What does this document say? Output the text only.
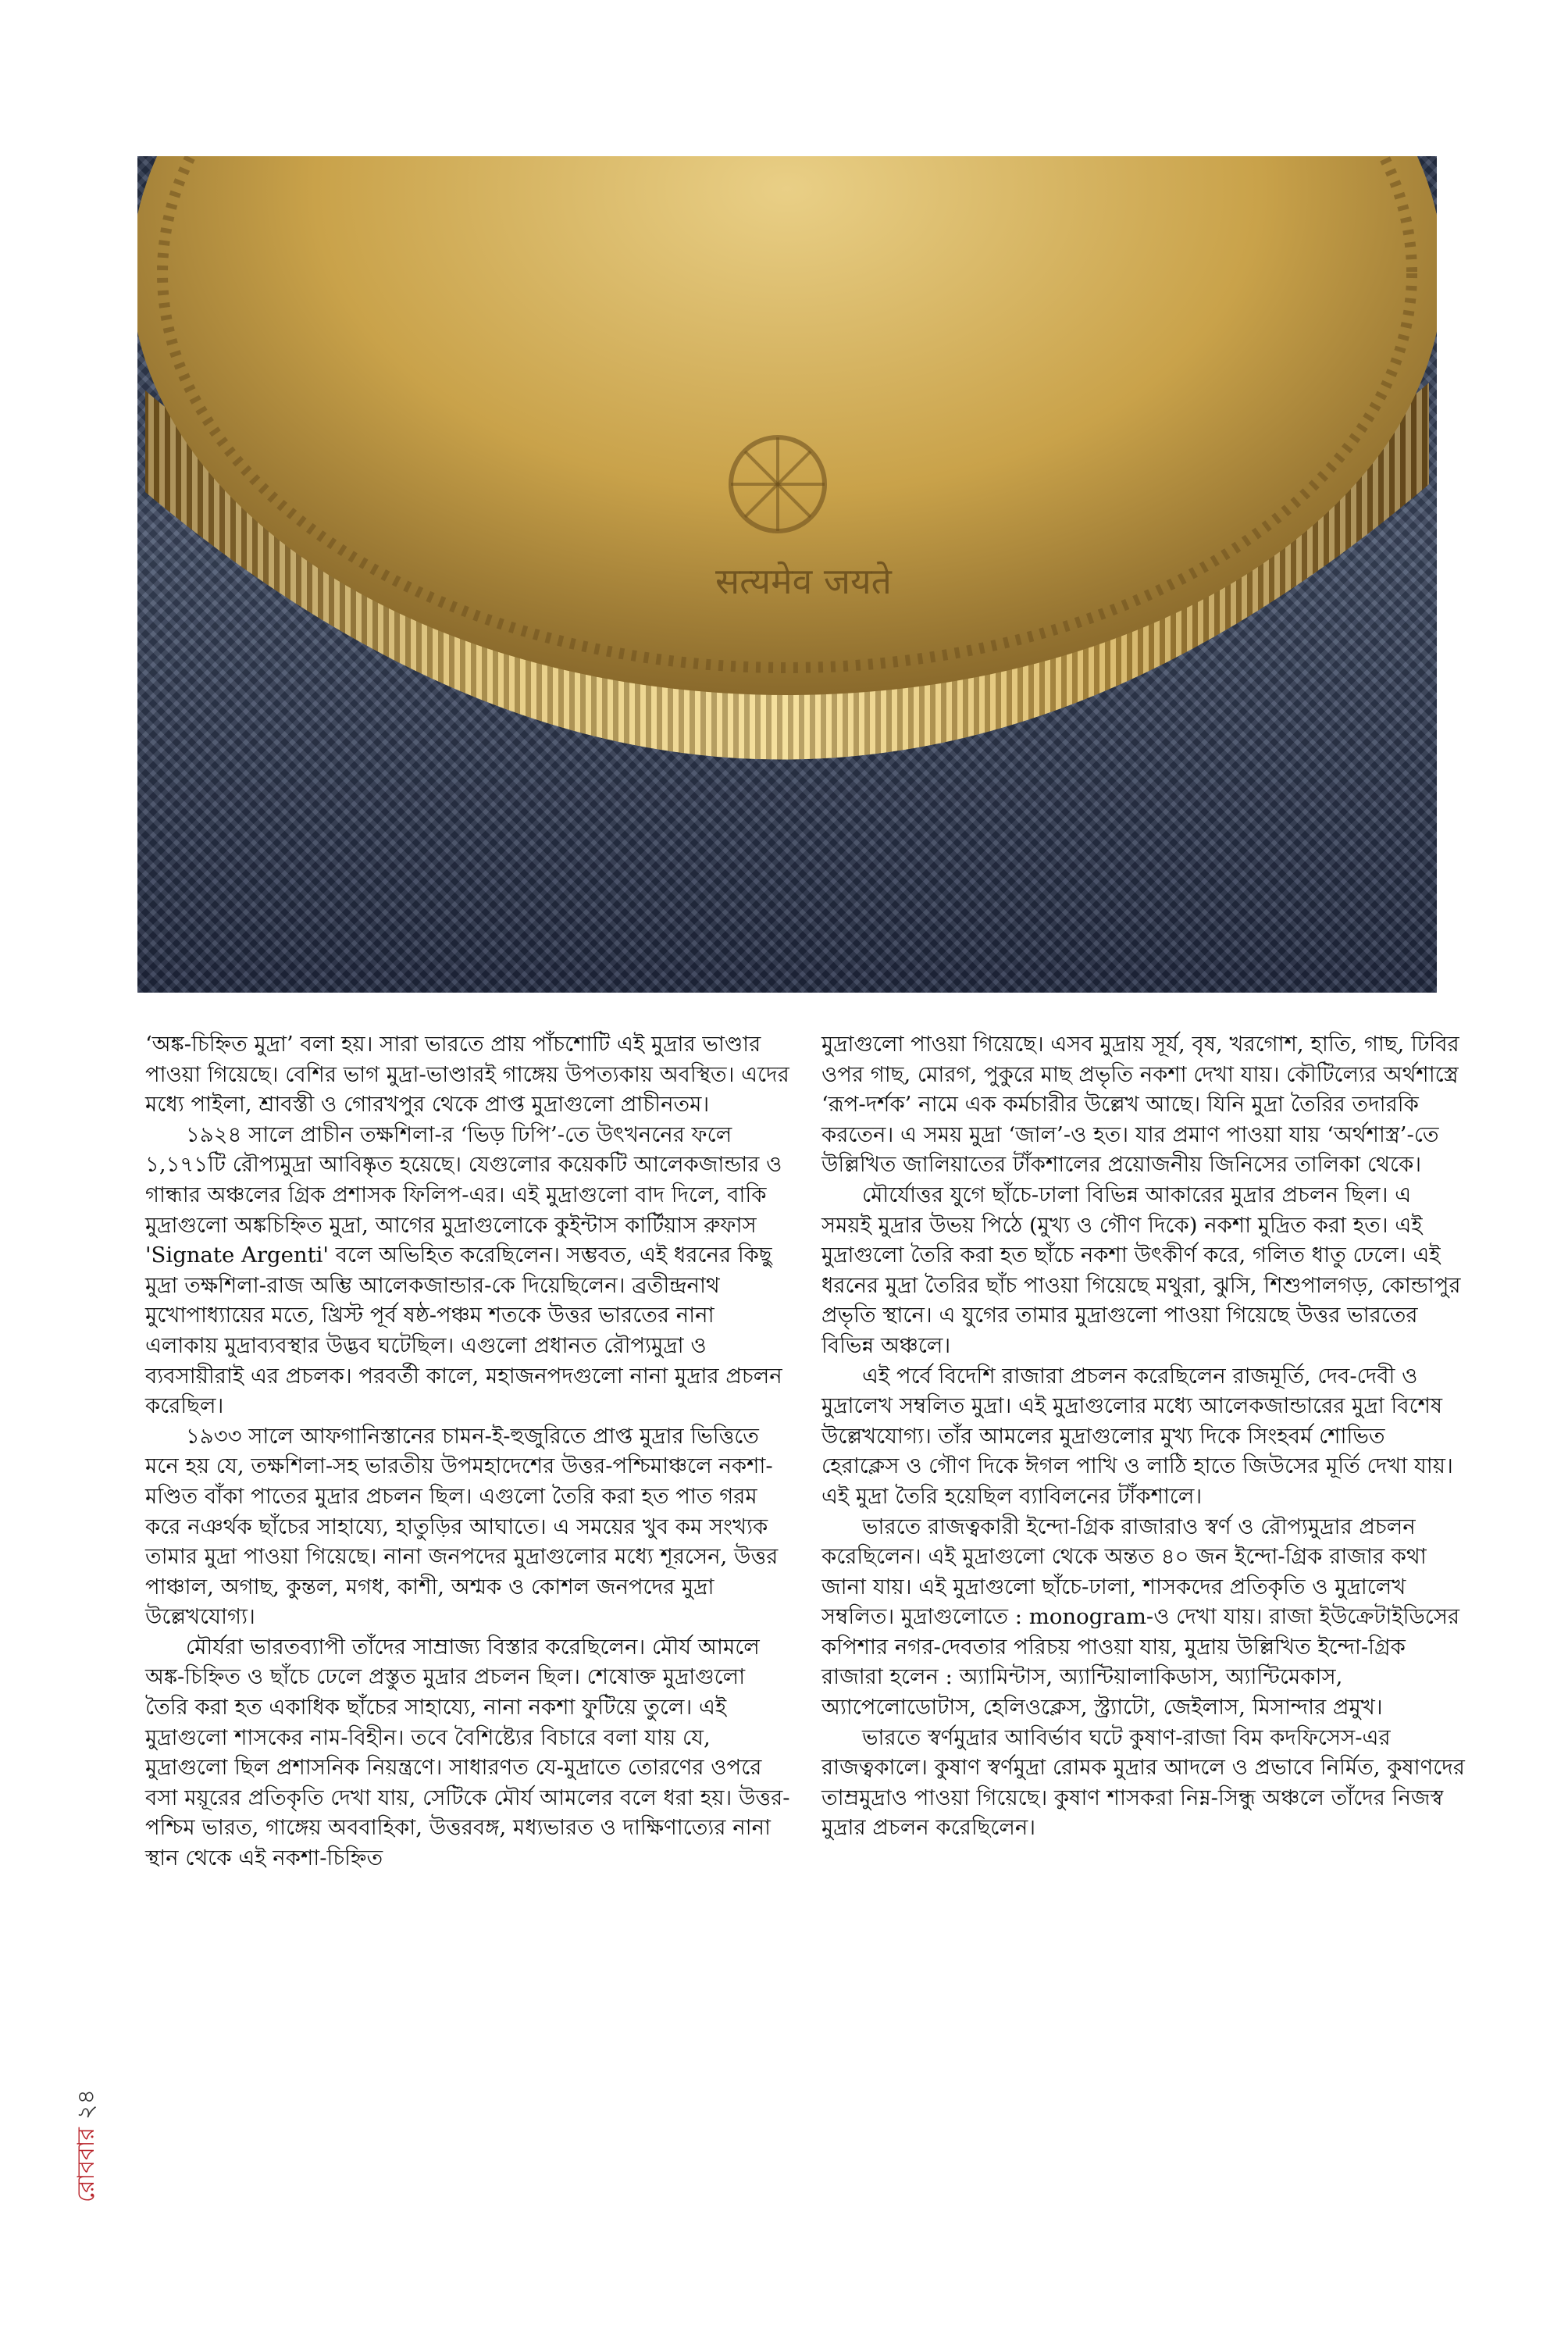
सत्यमेव जयते

‘অঙ্ক-চিহ্নিত মুদ্রা’ বলা হয়। সারা ভারতে প্রায় পাঁচশোটি এই মুদ্রার ভাণ্ডার পাওয়া গিয়েছে। বেশির ভাগ মুদ্রা-ভাণ্ডারই গাঙ্গেয় উপত্যকায় অবস্থিত। এদের মধ্যে পাইলা, শ্রাবস্তী ও গোরখপুর থেকে প্রাপ্ত মুদ্রাগুলো প্রাচীনতম।

১৯২৪ সালে প্রাচীন তক্ষশিলা-র ‘ভিড় ঢিপি’-তে উৎখননের ফলে ১,১৭১টি রৌপ্যমুদ্রা আবিষ্কৃত হয়েছে। যেগুলোর কয়েকটি আলেকজান্ডার ও গান্ধার অঞ্চলের গ্রিক প্রশাসক ফিলিপ-এর। এই মুদ্রাগুলো বাদ দিলে, বাকি মুদ্রাগুলো অঙ্কচিহ্নিত মুদ্রা, আগের মুদ্রাগুলোকে কুইন্টাস কার্টিয়াস রুফাস 'Signate Argenti' বলে অভিহিত করেছিলেন। সম্ভবত, এই ধরনের কিছু মুদ্রা তক্ষশিলা-রাজ অম্ভি আলেকজান্ডার-কে দিয়েছিলেন। ব্রতীন্দ্রনাথ মুখোপাধ্যায়ের মতে, খ্রিস্ট পূর্ব ষষ্ঠ-পঞ্চম শতকে উত্তর ভারতের নানা এলাকায় মুদ্রাব্যবস্থার উদ্ভব ঘটেছিল। এগুলো প্রধানত রৌপ্যমুদ্রা ও ব্যবসায়ীরাই এর প্রচলক। পরবর্তী কালে, মহাজনপদগুলো নানা মুদ্রার প্রচলন করেছিল।

১৯৩৩ সালে আফগানিস্তানের চামন-ই-হুজুরিতে প্রাপ্ত মুদ্রার ভিত্তিতে মনে হয় যে, তক্ষশিলা-সহ ভারতীয় উপমহাদেশের উত্তর-পশ্চিমাঞ্চলে নকশা-মণ্ডিত বাঁকা পাতের মুদ্রার প্রচলন ছিল। এগুলো তৈরি করা হত পাত গরম করে নঞর্থক ছাঁচের সাহায্যে, হাতুড়ির আঘাতে। এ সময়ের খুব কম সংখ্যক তামার মুদ্রা পাওয়া গিয়েছে। নানা জনপদের মুদ্রাগুলোর মধ্যে শূরসেন, উত্তর পাঞ্চাল, অগাছ, কুন্তল, মগধ, কাশী, অশ্মক ও কোশল জনপদের মুদ্রা উল্লেখযোগ্য।

মৌর্যরা ভারতব্যাপী তাঁদের সাম্রাজ্য বিস্তার করেছিলেন। মৌর্য আমলে অঙ্ক-চিহ্নিত ও ছাঁচে ঢেলে প্রস্তুত মুদ্রার প্রচলন ছিল। শেষোক্ত মুদ্রাগুলো তৈরি করা হত একাধিক ছাঁচের সাহায্যে, নানা নকশা ফুটিয়ে তুলে। এই মুদ্রাগুলো শাসকের নাম-বিহীন। তবে বৈশিষ্ট্যের বিচারে বলা যায় যে, মুদ্রাগুলো ছিল প্রশাসনিক নিয়ন্ত্রণে। সাধারণত যে-মুদ্রাতে তোরণের ওপরে বসা ময়ূরের প্রতিকৃতি দেখা যায়, সেটিকে মৌর্য আমলের বলে ধরা হয়। উত্তর-পশ্চিম ভারত, গাঙ্গেয় অববাহিকা, উত্তরবঙ্গ, মধ্যভারত ও দাক্ষিণাত্যের নানা স্থান থেকে এই নকশা-চিহ্নিত

মুদ্রাগুলো পাওয়া গিয়েছে। এসব মুদ্রায় সূর্য, বৃষ, খরগোশ, হাতি, গাছ, ঢিবির ওপর গাছ, মোরগ, পুকুরে মাছ প্রভৃতি নকশা দেখা যায়। কৌটিল্যের অর্থশাস্ত্রে ‘রূপ-দর্শক’ নামে এক কর্মচারীর উল্লেখ আছে। যিনি মুদ্রা তৈরির তদারকি করতেন। এ সময় মুদ্রা ‘জাল’-ও হত। যার প্রমাণ পাওয়া যায় ‘অর্থশাস্ত্র’-তে উল্লিখিত জালিয়াতের টাঁকশালের প্রয়োজনীয় জিনিসের তালিকা থেকে।

মৌর্যোত্তর যুগে ছাঁচে-ঢালা বিভিন্ন আকারের মুদ্রার প্রচলন ছিল। এ সময়ই মুদ্রার উভয় পিঠে (মুখ্য ও গৌণ দিকে) নকশা মুদ্রিত করা হত। এই মুদ্রাগুলো তৈরি করা হত ছাঁচে নকশা উৎকীর্ণ করে, গলিত ধাতু ঢেলে। এই ধরনের মুদ্রা তৈরির ছাঁচ পাওয়া গিয়েছে মথুরা, ঝুসি, শিশুপালগড়, কোন্ডাপুর প্রভৃতি স্থানে। এ যুগের তামার মুদ্রাগুলো পাওয়া গিয়েছে উত্তর ভারতের বিভিন্ন অঞ্চলে।

এই পর্বে বিদেশি রাজারা প্রচলন করেছিলেন রাজমূর্তি, দেব-দেবী ও মুদ্রালেখ সম্বলিত মুদ্রা। এই মুদ্রাগুলোর মধ্যে আলেকজান্ডারের মুদ্রা বিশেষ উল্লেখযোগ্য। তাঁর আমলের মুদ্রাগুলোর মুখ্য দিকে সিংহবর্ম শোভিত হেরাক্লেস ও গৌণ দিকে ঈগল পাখি ও লাঠি হাতে জিউসের মূর্তি দেখা যায়। এই মুদ্রা তৈরি হয়েছিল ব্যাবিলনের টাঁকশালে।

ভারতে রাজত্বকারী ইন্দো-গ্রিক রাজারাও স্বর্ণ ও রৌপ্যমুদ্রার প্রচলন করেছিলেন। এই মুদ্রাগুলো থেকে অন্তত ৪০ জন ইন্দো-গ্রিক রাজার কথা জানা যায়। এই মুদ্রাগুলো ছাঁচে-ঢালা, শাসকদের প্রতিকৃতি ও মুদ্রালেখ সম্বলিত। মুদ্রাগুলোতে : monogram-ও দেখা যায়। রাজা ইউক্রেটাইডিসের কপিশার নগর-দেবতার পরিচয় পাওয়া যায়, মুদ্রায় উল্লিখিত ইন্দো-গ্রিক রাজারা হলেন : অ্যামিন্টাস, অ্যান্টিয়ালাকিডাস, অ্যান্টিমেকাস, অ্যাপেলোডোটাস, হেলিওক্লেস, স্ট্র্যাটো, জেইলাস, মিসান্দার প্রমুখ।

ভারতে স্বর্ণমুদ্রার আবির্ভাব ঘটে কুষাণ-রাজা বিম কদফিসেস-এর রাজত্বকালে। কুষাণ স্বর্ণমুদ্রা রোমক মুদ্রার আদলে ও প্রভাবে নির্মিত, কুষাণদের তাম্রমুদ্রাও পাওয়া গিয়েছে। কুষাণ শাসকরা নিম্ন-সিন্ধু অঞ্চলে তাঁদের নিজস্ব মুদ্রার প্রচলন করেছিলেন।

রোববার২৪
